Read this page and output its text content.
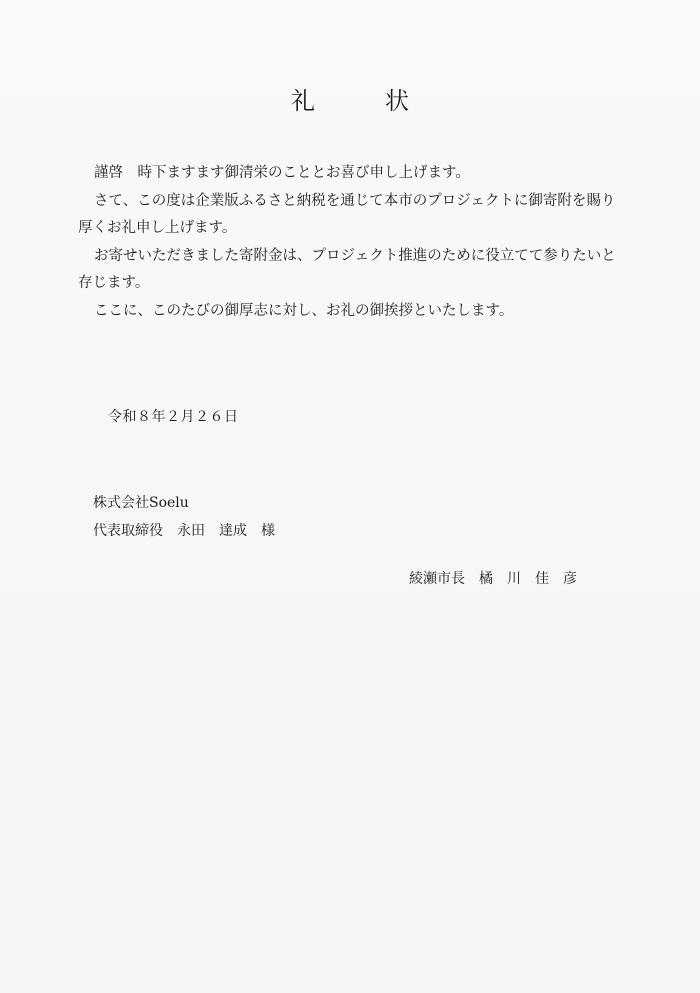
礼	状

謹啓　時下ますます御清栄のこととお喜び申し上げます。

さて、この度は企業版ふるさと納税を通じて本市のプロジェクトに御寄附を賜り厚くお礼申し上げます。

お寄せいただきました寄附金は、プロジェクト推進のために役立てて参りたいと存じます。

ここに、このたびの御厚志に対し、お礼の御挨拶といたします。

令和８年２月２６日
株式会社Soelu
代表取締役　永田　達成　様
綾瀬市長　橘　川　佳　彦
